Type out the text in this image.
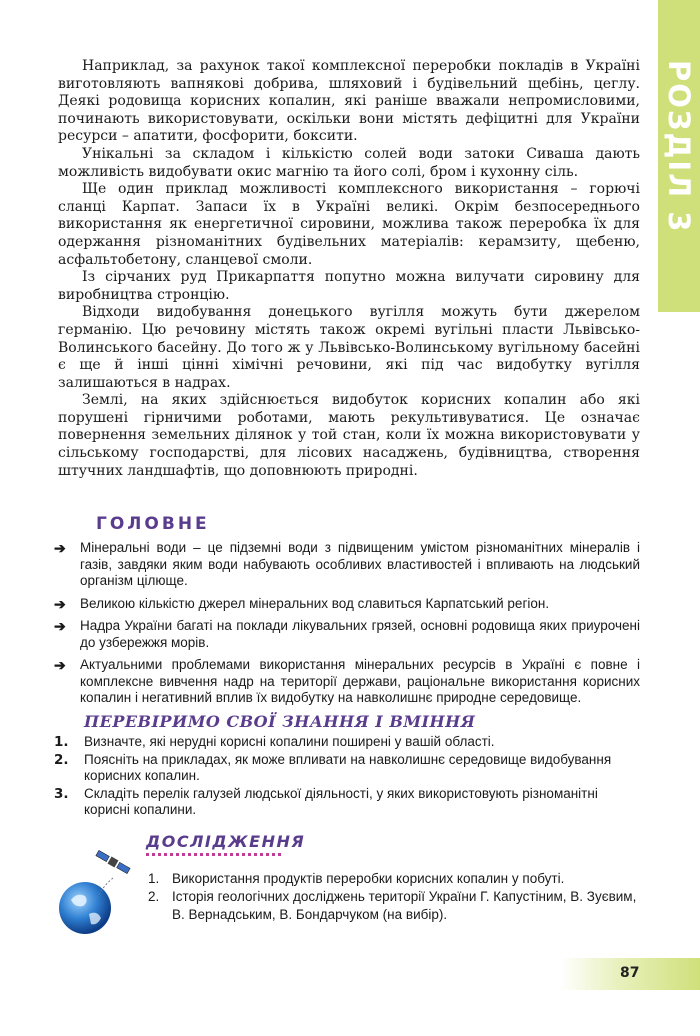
РОЗДІЛ 3

Наприклад, за рахунок такої комплексної переробки покладів в Україні виготовляють вапнякові добрива, шляховий і будівельний щебінь, цеглу. Деякі родовища корисних копалин, які раніше вважали непромисловими, починають використовувати, оскільки вони містять дефіцитні для України ресурси – апатити, фосфорити, боксити.

Унікальні за складом і кількістю солей води затоки Сиваша дають можливість видобувати окис магнію та його солі, бром і кухонну сіль.

Ще один приклад можливості комплексного використання – горючі сланці Карпат. Запаси їх в Україні великі. Окрім безпосереднього використання як енергетичної сировини, можлива також переробка їх для одержання різноманітних будівельних матеріалів: керамзиту, щебеню, асфальтобетону, сланцевої смоли.

Із сірчаних руд Прикарпаття попутно можна вилучати сировину для виробництва стронцію.

Відходи видобування донецького вугілля можуть бути джерелом германію. Цю речовину містять також окремі вугільні пласти Львівсько-Волинського басейну. До того ж у Львівсько-Волинському вугільному басейні є ще й інші цінні хімічні речовини, які під час видобутку вугілля залишаються в надрах.

Землі, на яких здійснюється видобуток корисних копалин або які порушені гірничими роботами, мають рекультивуватися. Це означає повернення земельних ділянок у той стан, коли їх можна використовувати у сільському господарстві, для лісових насаджень, будівництва, створення штучних ландшафтів, що доповнюють природні.

ГОЛОВНЕ
➔	Мінеральні води – це підземні води з підвищеним умістом різноманітних мінералів і газів, завдяки яким води набувають особливих властивостей і впливають на людський організм цілюще.
➔	Великою кількістю джерел мінеральних вод славиться Карпатський регіон.
➔	Надра України багаті на поклади лікувальних грязей, основні родовища яких приурочені до узбережжя морів.
➔	Актуальними проблемами використання мінеральних ресурсів в Україні є повне і комплексне вивчення надр на території держави, раціональне використання корисних копалин і негативний вплив їх видобутку на навколишнє природне середовище.
ПЕРЕВІРИМО СВОЇ ЗНАННЯ І ВМІННЯ
1.	Визначте, які нерудні корисні копалини поширені у вашій області.
2.	Поясніть на прикладах, як може впливати на навколишнє середовище видобування корисних копалин.
3.	Складіть перелік галузей людської діяльності, у яких використовують різноманітні корисні копалини.
ДОСЛІДЖЕННЯ
1. Використання продуктів переробки корисних копалин у побуті.
2. Історія геологічних досліджень території України Г. Капустіним, В. Зуєвим, В. Вернадським, В. Бондарчуком (на вибір).
87
